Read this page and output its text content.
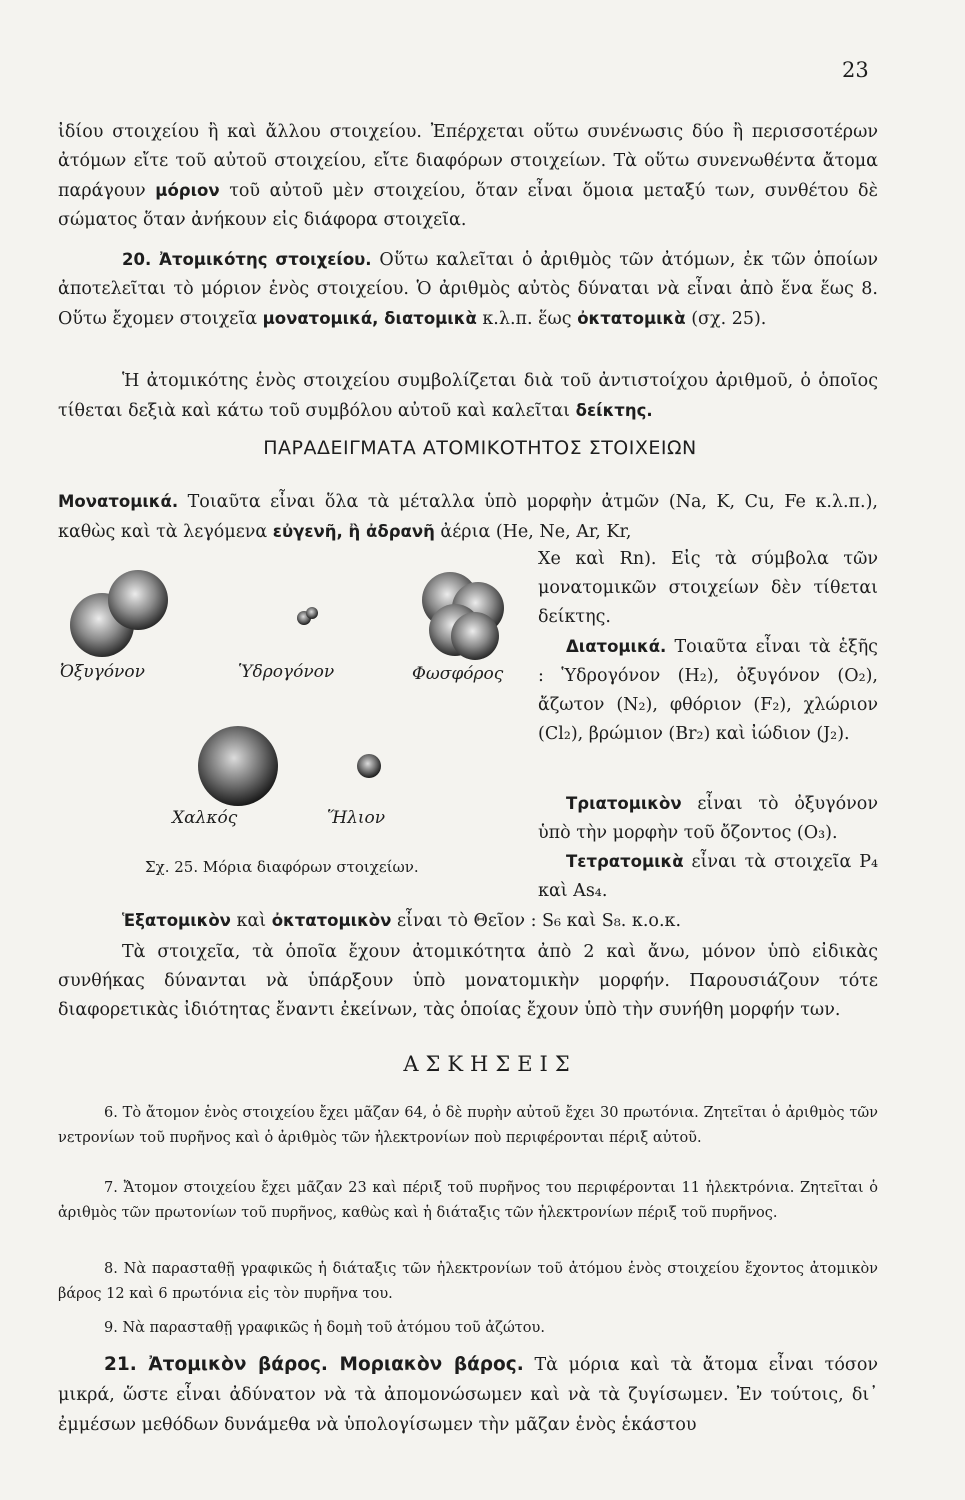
23
ἰδίου στοιχείου ἢ καὶ ἄλλου στοιχείου. Ἐπέρχεται οὕτω συνένωσις δύο ἢ περισσοτέρων ἀτόμων εἴτε τοῦ αὐτοῦ στοιχείου, εἴτε διαφόρων στοιχείων. Τὰ οὕτω συνενωθέντα ἄτομα παράγουν μόριον τοῦ αὐτοῦ μὲν στοιχείου, ὅταν εἶναι ὅμοια μεταξύ των, συνθέτου δὲ σώματος ὅταν ἀνήκουν εἰς διάφορα στοιχεῖα.
20. Ἀτομικότης στοιχείου. Οὕτω καλεῖται ὁ ἀριθμὸς τῶν ἀτόμων, ἐκ τῶν ὁποίων ἀποτελεῖται τὸ μόριον ἑνὸς στοιχείου. Ὁ ἀριθμὸς αὐτὸς δύναται νὰ εἶναι ἀπὸ ἕνα ἕως 8. Οὕτω ἔχομεν στοιχεῖα μονατομικά, διατομικὰ κ.λ.π. ἕως ὀκτατομικὰ (σχ. 25).
Ἡ ἀτομικότης ἑνὸς στοιχείου συμβολίζεται διὰ τοῦ ἀντιστοίχου ἀριθμοῦ, ὁ ὁποῖος τίθεται δεξιὰ καὶ κάτω τοῦ συμβόλου αὐτοῦ καὶ καλεῖται δείκτης.
ΠΑΡΑΔΕΙΓΜΑΤΑ ΑΤΟΜΙΚΟΤΗΤΟΣ ΣΤΟΙΧΕΙΩΝ
Μονατομικά. Τοιαῦτα εἶναι ὅλα τὰ μέταλλα ὑπὸ μορφὴν ἀτμῶν (Na, K, Cu, Fe κ.λ.π.), καθὼς καὶ τὰ λεγόμενα εὐγενῆ, ἢ ἀδρανῆ ἀέρια (He, Ne, Ar, Kr,
Xe καὶ Rn). Εἰς τὰ σύμβολα τῶν μονατομικῶν στοιχείων δὲν τίθεται δείκτης.
Διατομικά. Τοιαῦτα εἶναι τὰ ἑξῆς : Ὑδρογόνον (H₂), ὀξυγόνον (O₂), ἄζωτον (N₂), φθόριον (F₂), χλώριον (Cl₂), βρώμιον (Br₂) καὶ ἰώδιον (J₂).
Τριατομικὸν εἶναι τὸ ὀξυγόνον ὑπὸ τὴν μορφὴν τοῦ ὄζοντος (O₃).
Τετρατομικὰ εἶναι τὰ στοιχεῖα P₄ καὶ As₄.
Ἑξατομικὸν καὶ ὀκτατομικὸν εἶναι τὸ Θεῖον : S₆ καὶ S₈. κ.ο.κ.
Τὰ στοιχεῖα, τὰ ὁποῖα ἔχουν ἀτομικότητα ἀπὸ 2 καὶ ἄνω, μόνον ὑπὸ εἰδικὰς συνθήκας δύνανται νὰ ὑπάρξουν ὑπὸ μονατομικὴν μορφήν. Παρουσιάζουν τότε διαφορετικὰς ἰδιότητας ἔναντι ἐκείνων, τὰς ὁποίας ἔχουν ὑπὸ τὴν συνήθη μορφήν των.
ΑΣΚΗΣΕΙΣ
6. Τὸ ἄτομον ἑνὸς στοιχείου ἔχει μᾶζαν 64, ὁ δὲ πυρὴν αὐτοῦ ἔχει 30 πρωτόνια. Ζητεῖται ὁ ἀριθμὸς τῶν νετρονίων τοῦ πυρῆνος καὶ ὁ ἀριθμὸς τῶν ἠλεκτρονίων ποὺ περιφέρονται πέριξ αὐτοῦ.
7. Ἄτομον στοιχείου ἔχει μᾶζαν 23 καὶ πέριξ τοῦ πυρῆνος του περιφέρονται 11 ἠλεκτρόνια. Ζητεῖται ὁ ἀριθμὸς τῶν πρωτονίων τοῦ πυρῆνος, καθὼς καὶ ἡ διάταξις τῶν ἠλεκτρονίων πέριξ τοῦ πυρῆνος.
8. Νὰ παρασταθῇ γραφικῶς ἡ διάταξις τῶν ἠλεκτρονίων τοῦ ἀτόμου ἑνὸς στοιχείου ἔχοντος ἀτομικὸν βάρος 12 καὶ 6 πρωτόνια εἰς τὸν πυρῆνα του.
9. Νὰ παρασταθῇ γραφικῶς ἡ δομὴ τοῦ ἀτόμου τοῦ ἀζώτου.
21. Ἀτομικὸν βάρος. Μοριακὸν βάρος. Τὰ μόρια καὶ τὰ ἄτομα εἶναι τόσον μικρά, ὥστε εἶναι ἀδύνατον νὰ τὰ ἀπομονώσωμεν καὶ νὰ τὰ ζυγίσωμεν. Ἐν τούτοις, δι᾽ ἐμμέσων μεθόδων δυνάμεθα νὰ ὑπολογίσωμεν τὴν μᾶζαν ἑνὸς ἑκάστου
Ὀξυγόνον	Ὑδρογόνον	Φωσφόρος
Χαλκός	Ἥλιον
Σχ. 25. Μόρια διαφόρων στοιχείων.
